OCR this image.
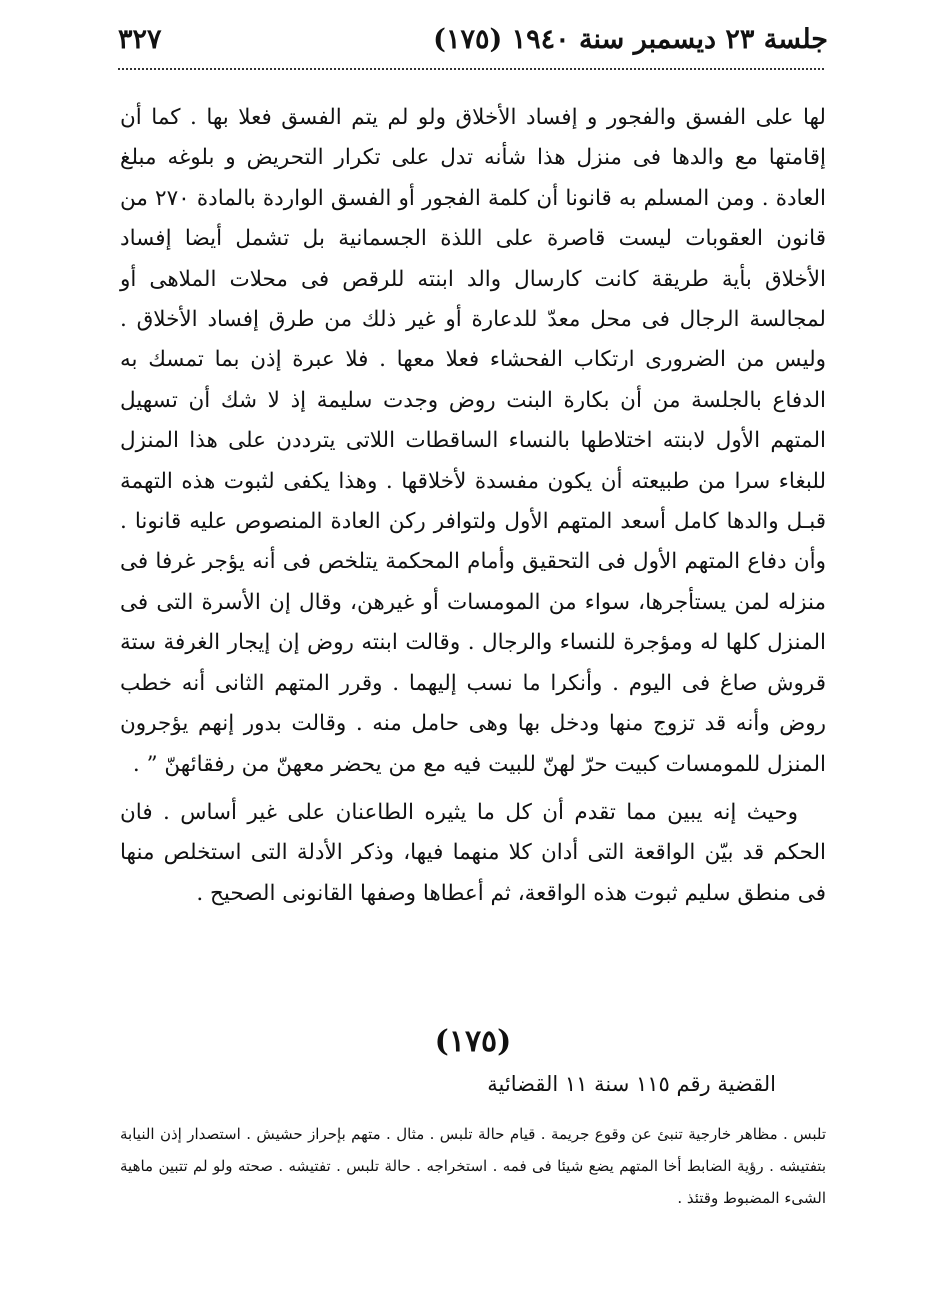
جلسة ٢٣ ديسمبر سنة ١٩٤٠ (١٧٥)
٣٢٧

لها على الفسق والفجور و إفساد الأخلاق ولو لم يتم الفسق فعلا بها . كما أن إقامتها مع والدها فى منزل هذا شأنه تدل على تكرار التحريض و بلوغه مبلغ العادة . ومن المسلم به قانونا أن كلمة الفجور أو الفسق الواردة بالمادة ٢٧٠ من قانون العقوبات ليست قاصرة على اللذة الجسمانية بل تشمل أيضا إفساد الأخلاق بأية طريقة كانت كارسال والد ابنته للرقص فى محلات الملاهى أو لمجالسة الرجال فى محل معدّ للدعارة أو غير ذلك من طرق إفساد الأخلاق . وليس من الضرورى ارتكاب الفحشاء فعلا معها . فلا عبرة إذن بما تمسك به الدفاع بالجلسة من أن بكارة البنت روض وجدت سليمة إذ لا شك أن تسهيل المتهم الأول لابنته اختلاطها بالنساء الساقطات اللاتى يترددن على هذا المنزل للبغاء سرا من طبيعته أن يكون مفسدة لأخلاقها . وهذا يكفى لثبوت هذه التهمة قبـل والدها كامل أسعد المتهم الأول ولتوافر ركن العادة المنصوص عليه قانونا . وأن دفاع المتهم الأول فى التحقيق وأمام المحكمة يتلخص فى أنه يؤجر غرفا فى منزله لمن يستأجرها، سواء من المومسات أو غيرهن، وقال إن الأسرة التى فى المنزل كلها له ومؤجرة للنساء والرجال . وقالت ابنته روض إن إيجار الغرفة ستة قروش صاغ فى اليوم . وأنكرا ما نسب إليهما . وقرر المتهم الثانى أنه خطب روض وأنه قد تزوج منها ودخل بها وهى حامل منه . وقالت بدور إنهم يؤجرون المنزل للمومسات كبيت حرّ لهنّ للبيت فيه مع من يحضر معهنّ من رفقائهنّ ” .

وحيث إنه يبين مما تقدم أن كل ما يثيره الطاعنان على غير أساس . فان الحكم قد بيّن الواقعة التى أدان كلا منهما فيها، وذكر الأدلة التى استخلص منها فى منطق سليم ثبوت هذه الواقعة، ثم أعطاها وصفها القانونى الصحيح .

(١٧٥)
القضية رقم ١١٥ سنة ١١ القضائية
تلبس . مظاهر خارجية تنبئ عن وقوع جريمة . قيام حالة تلبس . مثال . متهم بإحراز حشيش . استصدار إذن النيابة بتفتيشه . رؤية الضابط أخا المتهم يضع شيئا فى فمه . استخراجه . حالة تلبس . تفتيشه . صحته ولو لم تتبين ماهية الشىء المضبوط وقتئذ .
